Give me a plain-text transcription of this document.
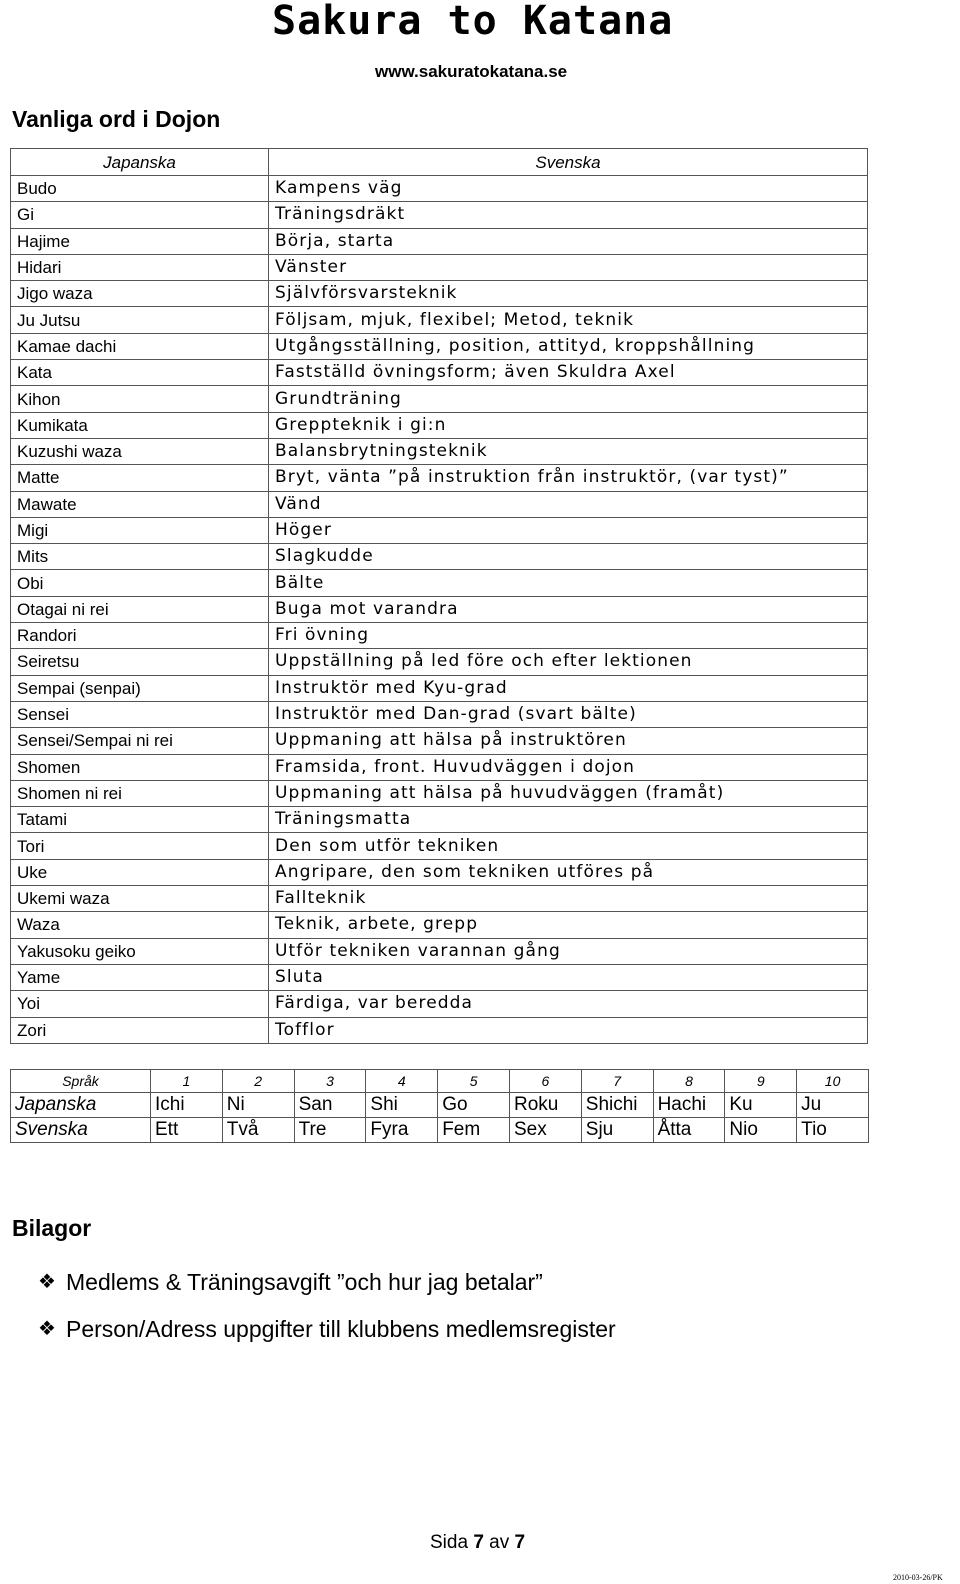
Sakura to Katana
www.sakuratokatana.se
Vanliga ord i Dojon
Japanska	Svenska
Budo	Kampens väg
Gi	Träningsdräkt
Hajime	Börja, starta
Hidari	Vänster
Jigo waza	Självförsvarsteknik
Ju Jutsu	Följsam, mjuk, flexibel; Metod, teknik
Kamae dachi	Utgångsställning, position, attityd, kroppshållning
Kata	Fastställd övningsform; även Skuldra Axel
Kihon	Grundträning
Kumikata	Greppteknik i gi:n
Kuzushi waza	Balansbrytningsteknik
Matte	Bryt, vänta ”på instruktion från instruktör, (var tyst)”
Mawate	Vänd
Migi	Höger
Mits	Slagkudde
Obi	Bälte
Otagai ni rei	Buga mot varandra
Randori	Fri övning
Seiretsu	Uppställning på led före och efter lektionen
Sempai (senpai)	Instruktör med Kyu-grad
Sensei	Instruktör med Dan-grad (svart bälte)
Sensei/Sempai ni rei	Uppmaning att hälsa på instruktören
Shomen	Framsida, front. Huvudväggen i dojon
Shomen ni rei	Uppmaning att hälsa på huvudväggen (framåt)
Tatami	Träningsmatta
Tori	Den som utför tekniken
Uke	Angripare, den som tekniken utföres på
Ukemi waza	Fallteknik
Waza	Teknik, arbete, grepp
Yakusoku geiko	Utför tekniken varannan gång
Yame	Sluta
Yoi	Färdiga, var beredda
Zori	Tofflor
Språk	1	2	3	4	5	6	7	8	9	10
Japanska	Ichi	Ni	San	Shi	Go	Roku	Shichi	Hachi	Ku	Ju
Svenska	Ett	Två	Tre	Fyra	Fem	Sex	Sju	Åtta	Nio	Tio
Bilagor
❖ Medlems & Träningsavgift ”och hur jag betalar”
❖ Person/Adress uppgifter till klubbens medlemsregister
Sida 7 av 7
2010-03-26/PK
